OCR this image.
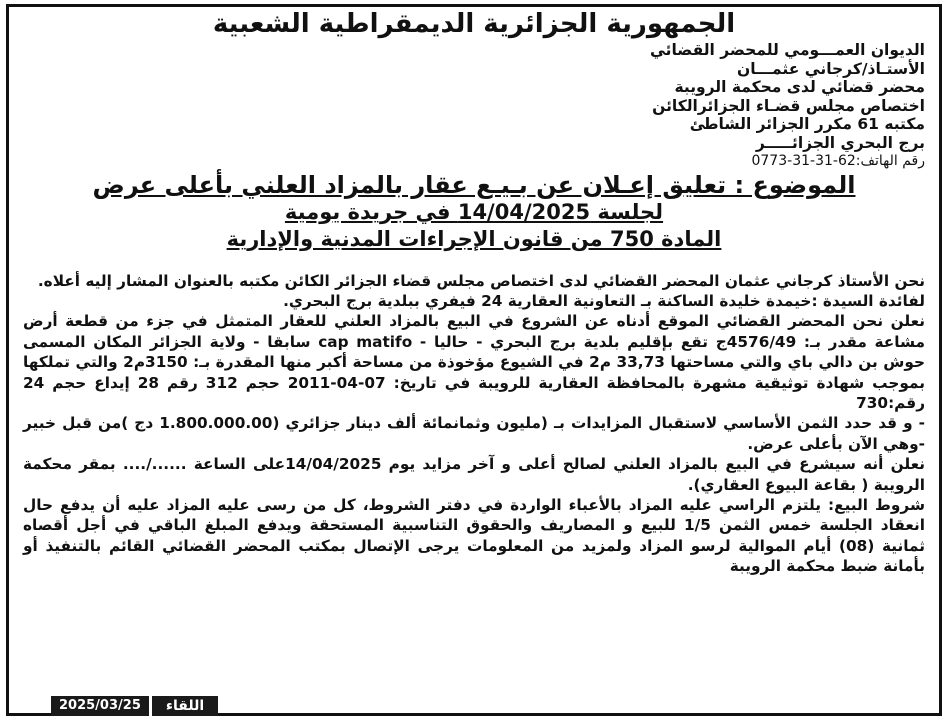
الجمهورية الجزائرية الديمقراطية الشعبية
الديوان العمـــومي للمحضر القضائي
الأستـاذ/كرجاني عثمـــان
محضر قضائي لدى محكمة الرويبة
اختصاص مجلس قضـاء الجزائرالكائن
مكتبه 61 مكرر الجزائر الشاطئ
برج البحري الجزائـــــر
رقم الهاتف:62-31-31-0773
الموضوع : تعليق إعـلان عن بـيـع عقار بالمزاد العلني بأعلى عرض
لجلسة 14/04/2025 في جريدة يومية
المادة 750 من قانون الإجراءات المدنية والإدارية

نحن الأستاذ كرجاني عثمان المحضر القضائي لدى اختصاص مجلس قضاء الجزائر الكائن مكتبه بالعنوان المشار إليه أعلاه.

لفائدة السيدة :خيمدة خليدة الساكنة بـ التعاونية العقارية 24 فيفري ببلدية برج البحري.

نعلن نحن المحضر القضائي الموقع أدناه عن الشروع في البيع بالمزاد العلني للعقار المتمثل في جزء من قطعة أرض مشاعة مقدر بـ: 4576/49ج تقع بإقليم بلدية برج البحري - حاليا - cap matifo سابقا - ولاية الجزائر المكان المسمى حوش بن دالي باي والتي مساحتها 33,73 م2 في الشيوع مؤخوذة من مساحة أكبر منها المقدرة بـ: 3150م2 والتي تملكها بموجب شهادة توثيقية مشهرة بالمحافظة العقارية للرويبة في تاريخ: 07-04-2011 حجم 312 رقم 28 إيداع حجم 24 رقم:730

- و قد حدد الثمن الأساسي لاستقبال المزايدات بـ (مليون وثمانمائة ألف دينار جزائري (1.800.000.00 دج )من قبل خبير -وهي الآن بأعلى عرض.

نعلن أنه سيشرع في البيع بالمزاد العلني لصالح أعلى و آخر مزايد يوم 14/04/2025على الساعة ....../.... بمقر محكمة الرويبة ( بقاعة البيوع العقاري).

شروط البيع: يلتزم الراسي عليه المزاد بالأعباء الواردة في دفتر الشروط، كل من رسى عليه المزاد عليه أن يدفع حال انعقاد الجلسة خمس الثمن 1/5 للبيع و المصاريف والحقوق التناسبية المستحقة ويدفع المبلغ الباقي في أجل أقصاه ثمانية (08) أيام الموالية لرسو المزاد ولمزيد من المعلومات يرجى الإتصال بمكتب المحضر القضائي القائم بالتنفيذ أو بأمانة ضبط محكمة الرويبة

2025/03/25	اللقاء
